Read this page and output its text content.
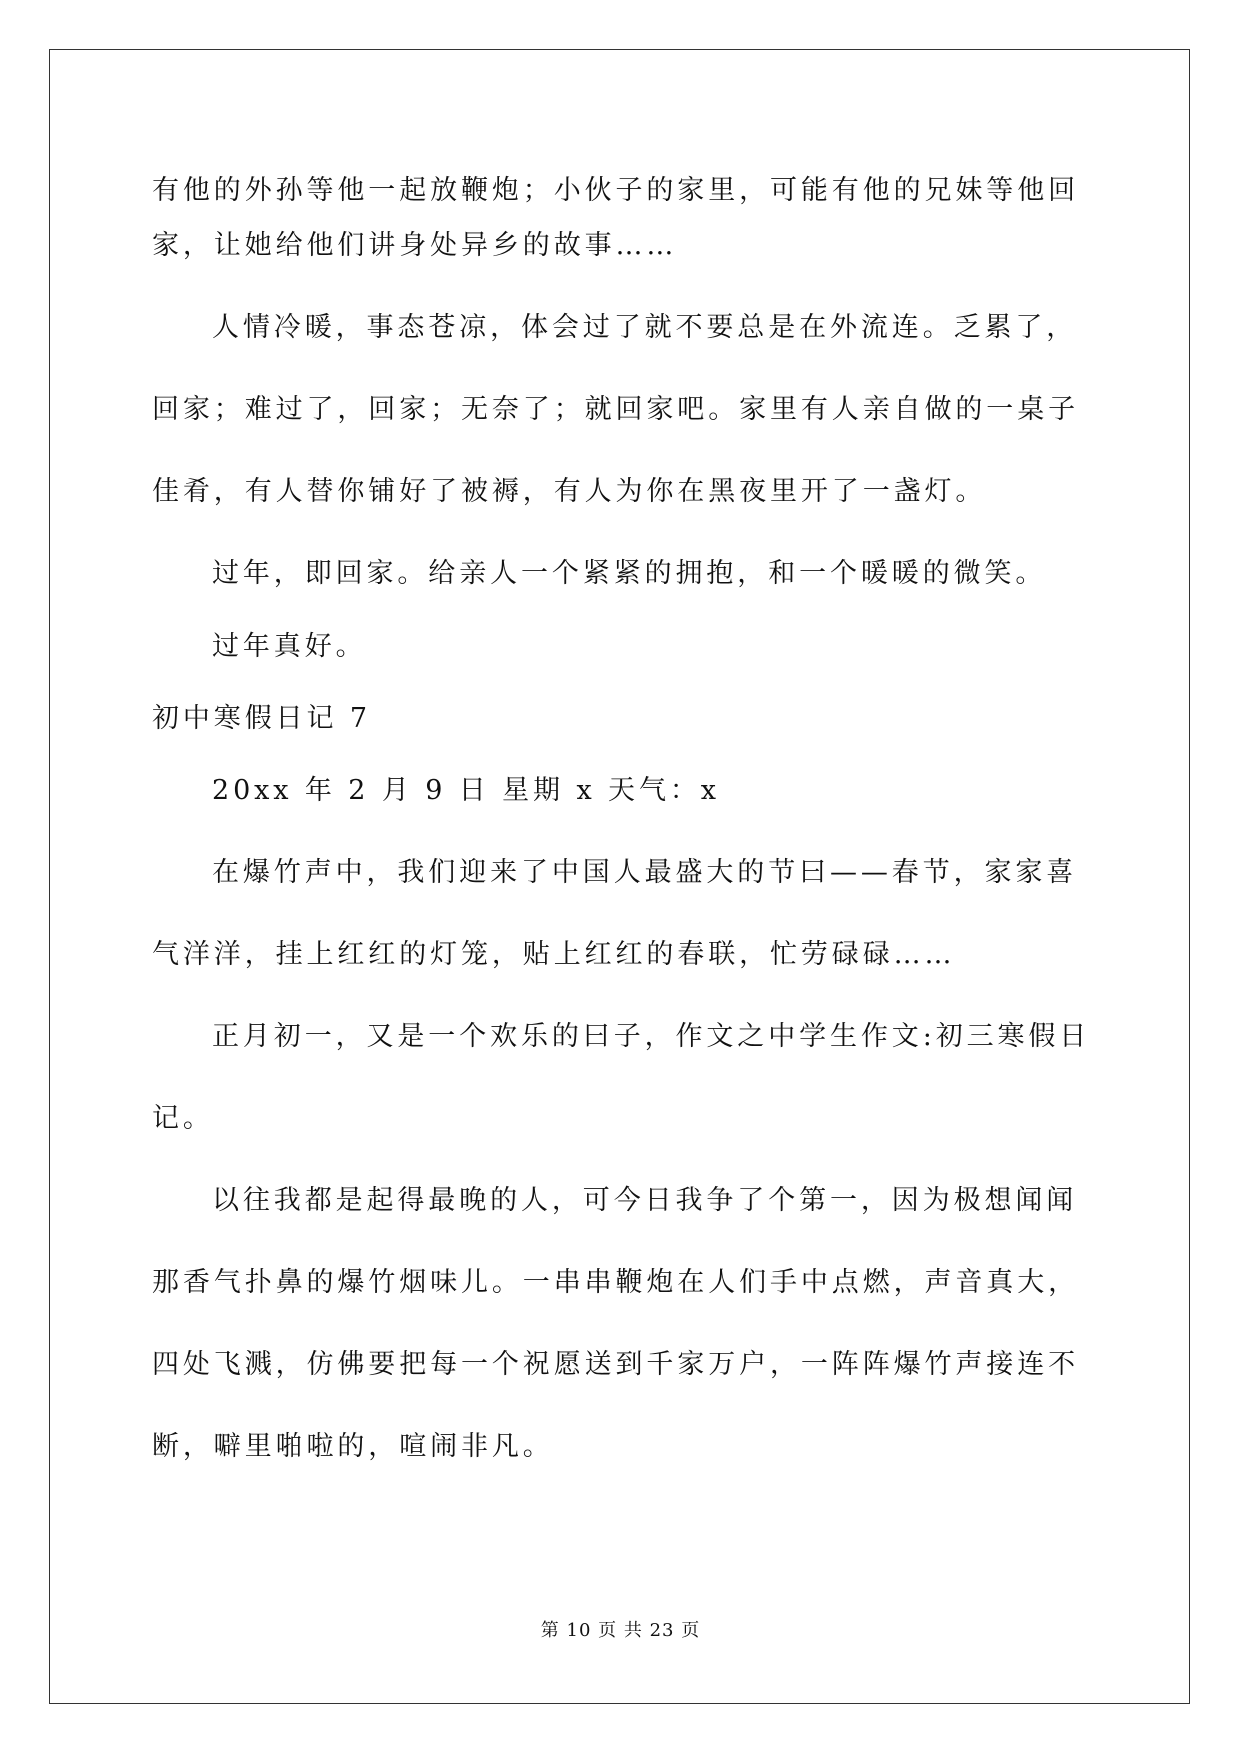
有他的外孙等他一起放鞭炮；小伙子的家里，可能有他的兄妹等他回
家，让她给他们讲身处异乡的故事……
人情冷暖，事态苍凉，体会过了就不要总是在外流连。乏累了，
回家；难过了，回家；无奈了；就回家吧。家里有人亲自做的一桌子
佳肴，有人替你铺好了被褥，有人为你在黑夜里开了一盏灯。
过年，即回家。给亲人一个紧紧的拥抱，和一个暖暖的微笑。
过年真好。
初中寒假日记 7
20xx 年 2 月 9 日 星期 x 天气：x
在爆竹声中，我们迎来了中国人最盛大的节曰——春节，家家喜
气洋洋，挂上红红的灯笼，贴上红红的春联，忙劳碌碌……
正月初一，又是一个欢乐的曰子，作文之中学生作文:初三寒假日
记。
以往我都是起得最晚的人，可今日我争了个第一，因为极想闻闻
那香气扑鼻的爆竹烟味儿。一串串鞭炮在人们手中点燃，声音真大，
四处飞溅，仿佛要把每一个祝愿送到千家万户，一阵阵爆竹声接连不
断，噼里啪啦的，喧闹非凡。
第 10 页 共 23 页
